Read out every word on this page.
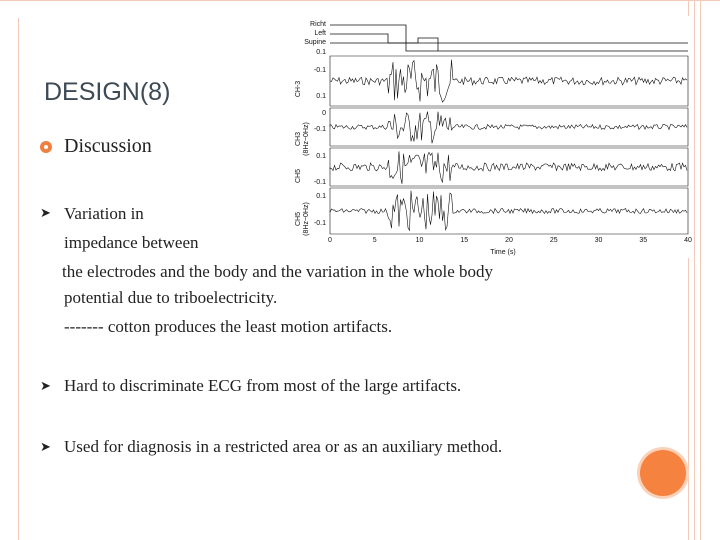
DESIGN(8)
Discussion
➤ Variation in
impedance between
the electrodes and the body and the variation in the whole body
potential due to triboelectricity.
------- cotton produces the least motion artifacts.
➤ Hard to discriminate ECG from most of the large artifacts.
➤ Used for diagnosis in a restricted area or as an auxiliary method.
Richt
Left
Supine
CH-3
CH3 (8Hz~0Hz)
CH5
CH5 (8Hz~0Hz)
0.1
-0.1
0.1
0
-0.1
0.1
-0.1
0.1
-0.1
0	5	10	15	20	25	30	35	40
Time (s)
